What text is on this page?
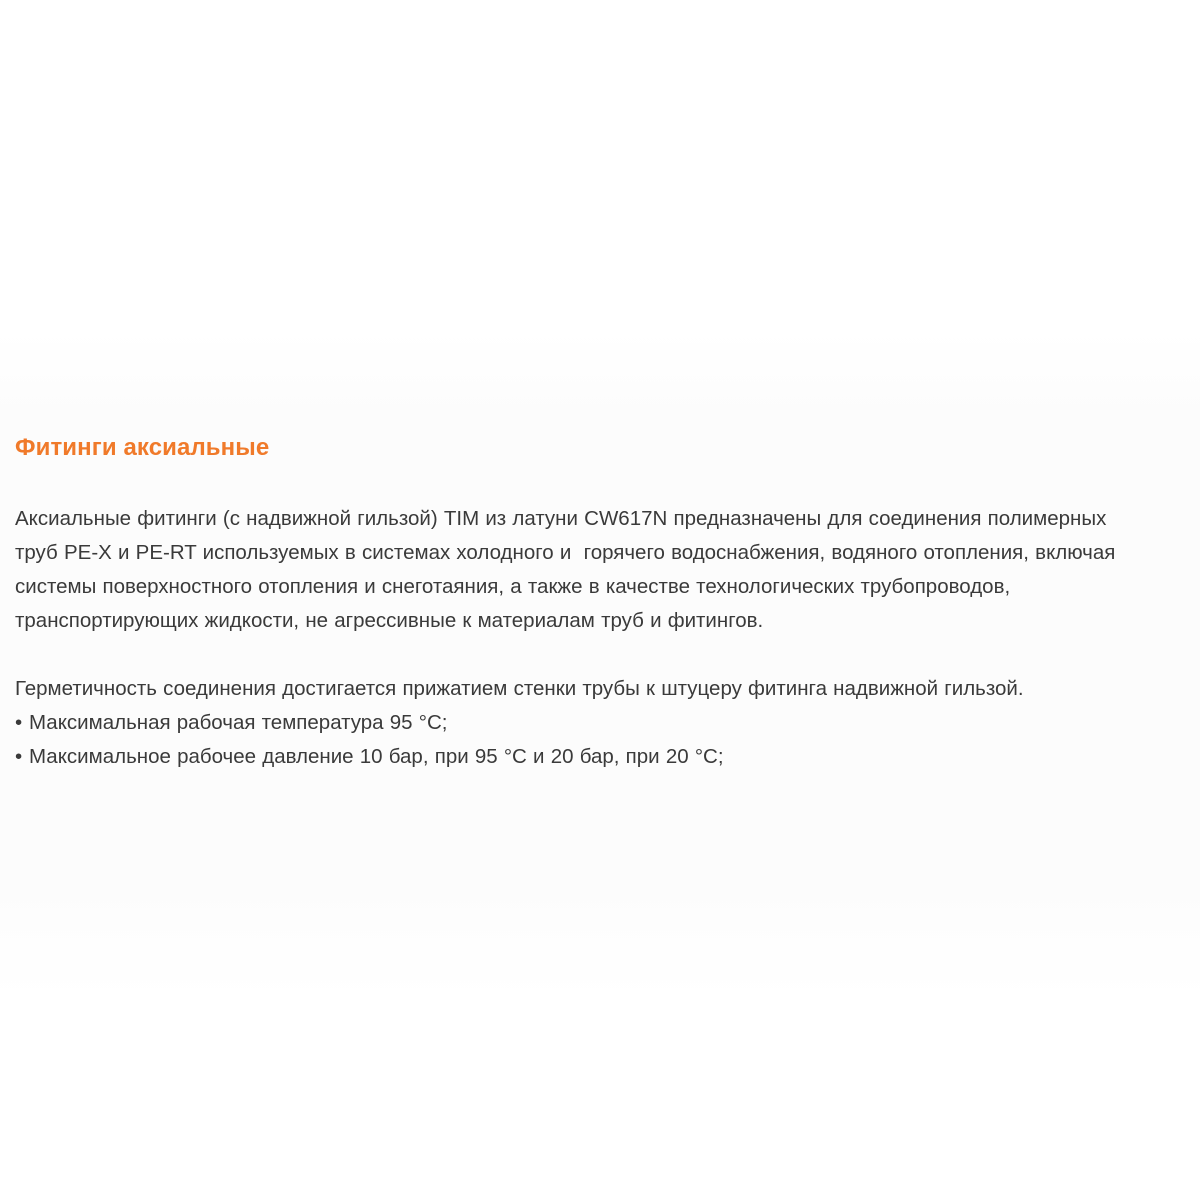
Фитинги аксиальные

Аксиальные фитинги (с надвижной гильзой) TIM из латуни CW617N предназначены для соединения полимерных
труб PE-X и PE-RT используемых в системах холодного и  горячего водоснабжения, водяного отопления, включая
системы поверхностного отопления и снеготаяния, а также в качестве технологических трубопроводов,
транспортирующих жидкости, не агрессивные к материалам труб и фитингов.

Герметичность соединения достигается прижатием стенки трубы к штуцеру фитинга надвижной гильзой.

• Максимальная рабочая температура 95 °С;
• Максимальное рабочее давление 10 бар, при 95 °С и 20 бар, при 20 °С;
